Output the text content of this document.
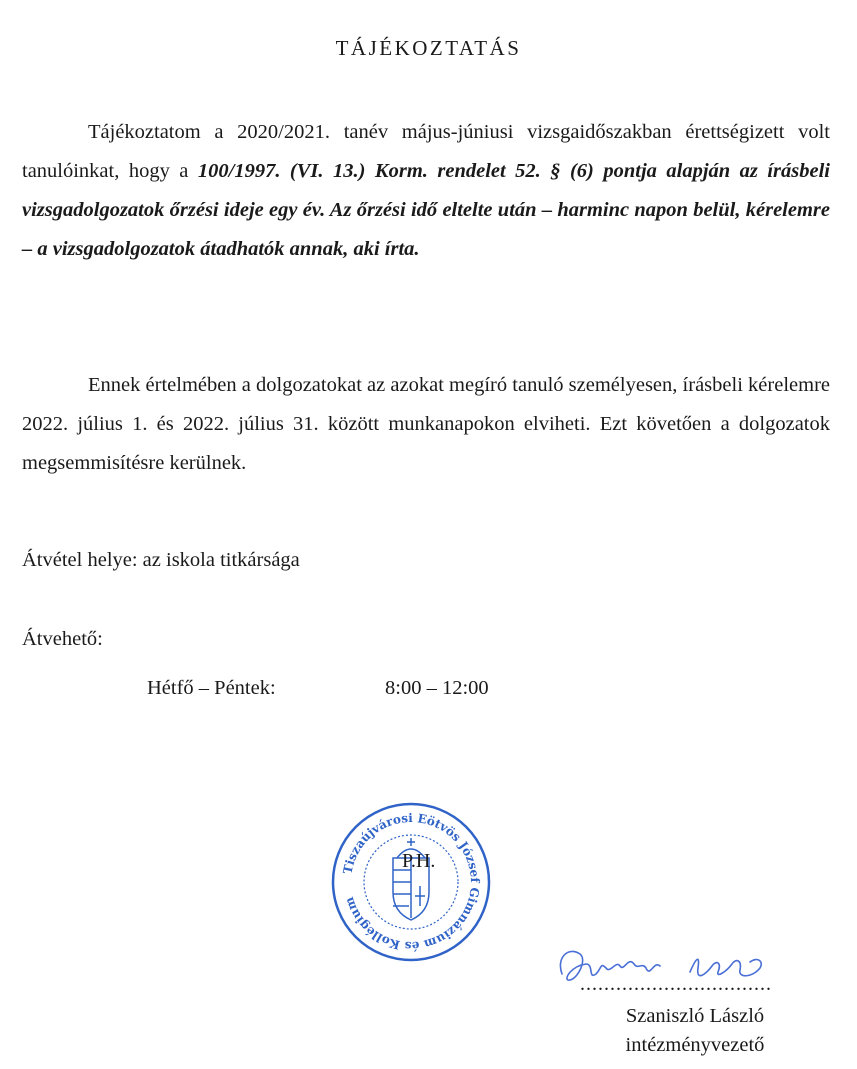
TÁJÉKOZTATÁS
Tájékoztatom a 2020/2021. tanév május-júniusi vizsgaidőszakban érettségizett volt tanulóinkat, hogy a 100/1997. (VI. 13.) Korm. rendelet 52. § (6) pontja alapján az írásbeli vizsgadolgozatok őrzési ideje egy év. Az őrzési idő eltelte után – harminc napon belül, kérelemre – a vizsgadolgozatok átadhatók annak, aki írta.
Ennek értelmében a dolgozatokat az azokat megíró tanuló személyesen, írásbeli kérelemre 2022. július 1. és 2022. július 31. között munkanapokon elviheti. Ezt követően a dolgozatok megsemmisítésre kerülnek.
Átvétel helye: az iskola titkársága
Átvehető:
Hétfő – Péntek:	8:00 – 12:00
Tiszaújvárosi Eötvös József Gimnázium és Kollégium
P.H.
................................
Szaniszló László
intézményvezető
